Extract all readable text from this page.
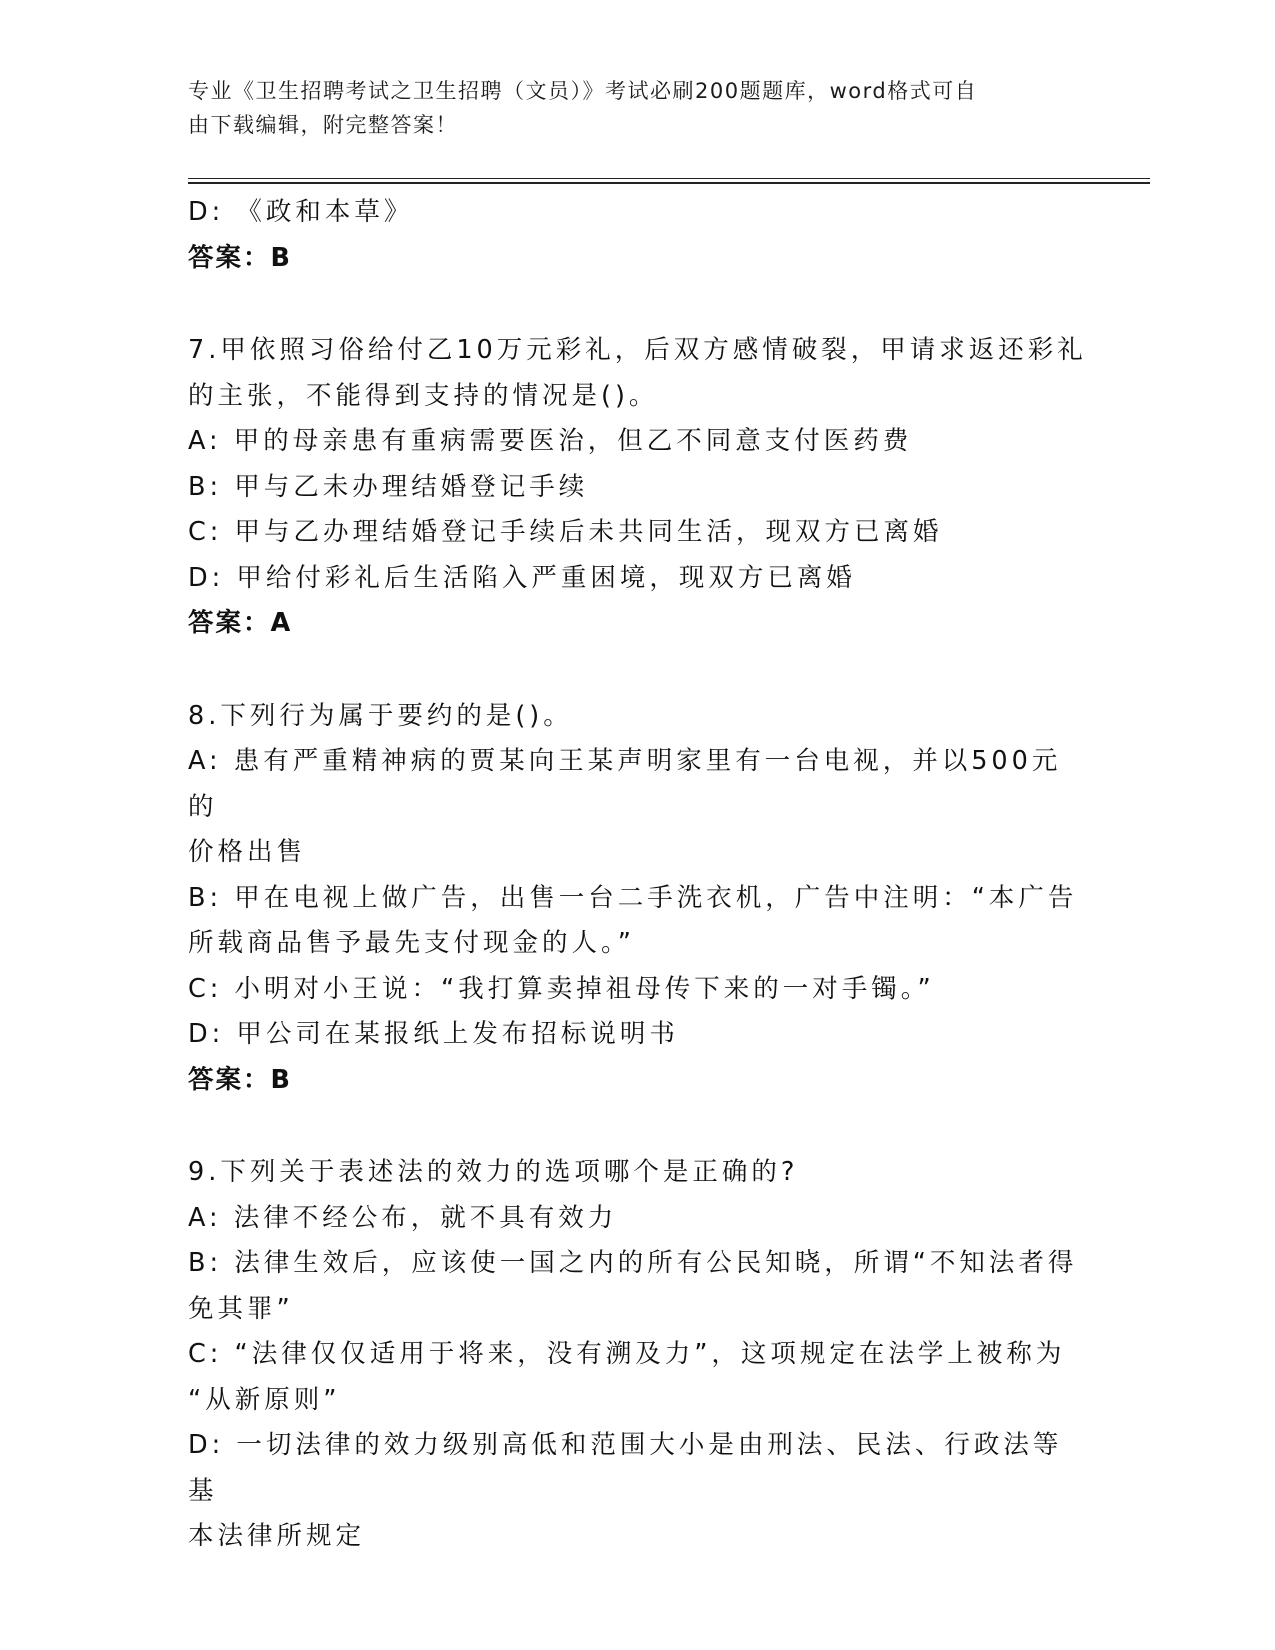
专业《卫生招聘考试之卫生招聘（文员）》考试必刷200题题库，word格式可自
由下载编辑，附完整答案！
D: 《政和本草》
答案：B
7.甲依照习俗给付乙10万元彩礼，后双方感情破裂，甲请求返还彩礼
的主张，不能得到支持的情况是()。
A: 甲的母亲患有重病需要医治，但乙不同意支付医药费
B: 甲与乙未办理结婚登记手续
C: 甲与乙办理结婚登记手续后未共同生活，现双方已离婚
D: 甲给付彩礼后生活陷入严重困境，现双方已离婚
答案：A
8.下列行为属于要约的是()。
A: 患有严重精神病的贾某向王某声明家里有一台电视，并以500元的
价格出售
B: 甲在电视上做广告，出售一台二手洗衣机，广告中注明：“本广告
所载商品售予最先支付现金的人。”
C: 小明对小王说：“我打算卖掉祖母传下来的一对手镯。”
D: 甲公司在某报纸上发布招标说明书
答案：B
9.下列关于表述法的效力的选项哪个是正确的?
A: 法律不经公布，就不具有效力
B: 法律生效后，应该使一国之内的所有公民知晓，所谓“不知法者得
免其罪”
C: “法律仅仅适用于将来，没有溯及力”，这项规定在法学上被称为
“从新原则”
D: 一切法律的效力级别高低和范围大小是由刑法、民法、行政法等基
本法律所规定
